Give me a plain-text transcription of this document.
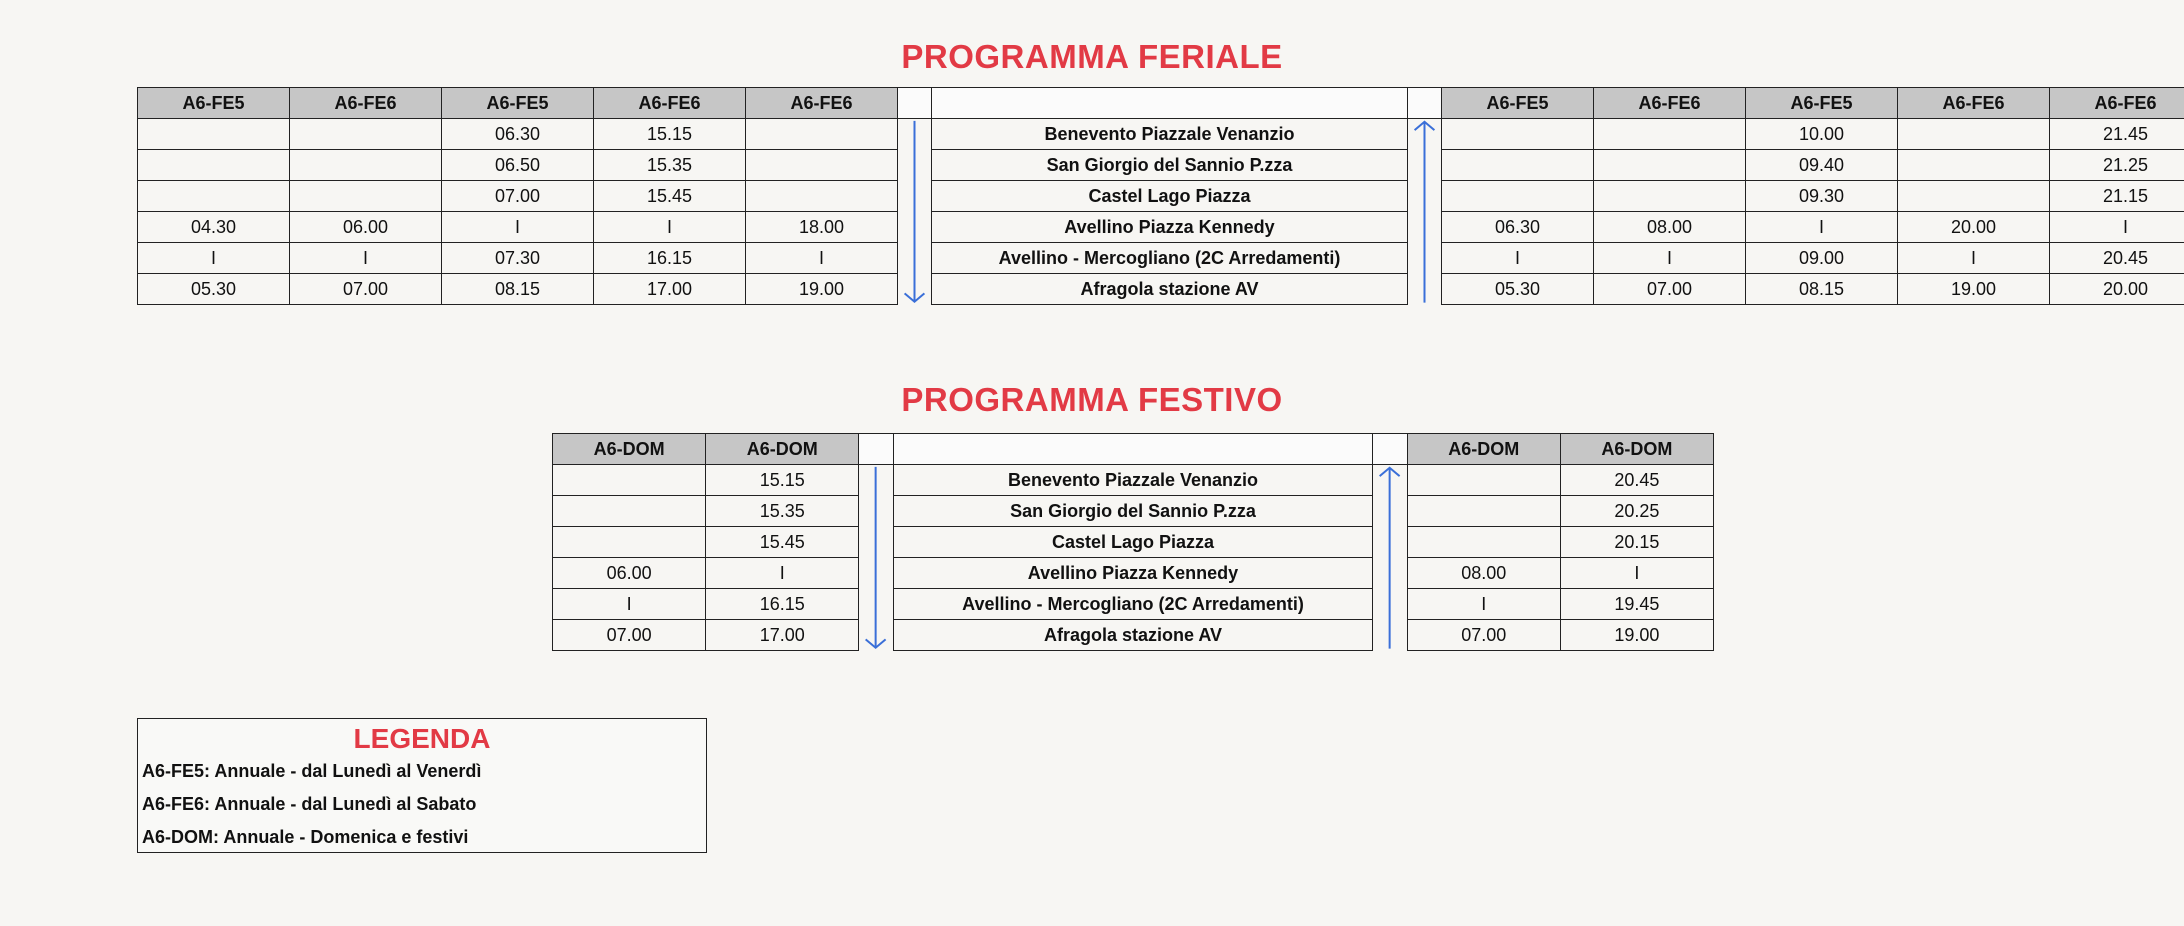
PROGRAMMA FERIALE
A6-FE5	A6-FE6	A6-FE5	A6-FE6	A6-FE6				A6-FE5	A6-FE6	A6-FE5	A6-FE6	A6-FE6
		06.30	15.15			Benevento Piazzale Venanzio				10.00		21.45
		06.50	15.35			San Giorgio del Sannio P.zza				09.40		21.25
		07.00	15.45			Castel Lago Piazza				09.30		21.15
04.30	06.00	I	I	18.00		Avellino Piazza Kennedy		06.30	08.00	I	20.00	I
I	I	07.30	16.15	I		Avellino - Mercogliano (2C Arredamenti)		I	I	09.00	I	20.45
05.30	07.00	08.15	17.00	19.00		Afragola stazione AV		05.30	07.00	08.15	19.00	20.00
PROGRAMMA FESTIVO
A6-DOM	A6-DOM				A6-DOM	A6-DOM
	15.15		Benevento Piazzale Venanzio			20.45
	15.35		San Giorgio del Sannio P.zza			20.25
	15.45		Castel Lago Piazza			20.15
06.00	I		Avellino Piazza Kennedy		08.00	I
I	16.15		Avellino - Mercogliano (2C Arredamenti)		I	19.45
07.00	17.00		Afragola stazione AV		07.00	19.00
LEGENDA
A6-FE5: Annuale - dal Lunedì al Venerdì
A6-FE6: Annuale - dal Lunedì al Sabato
A6-DOM: Annuale - Domenica e festivi
